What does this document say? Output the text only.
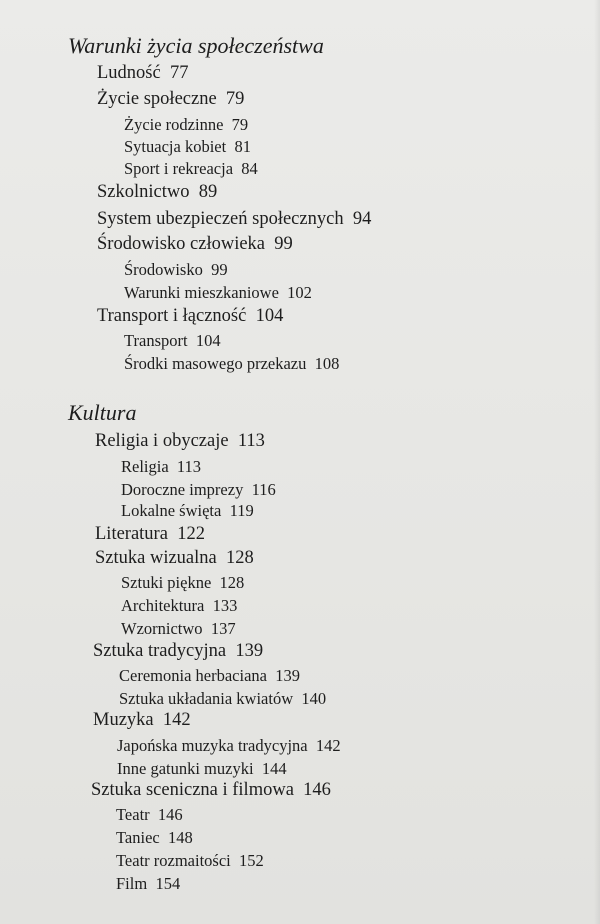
Warunki życia społeczeństwa
Ludność 77
Życie społeczne 79
Życie rodzinne 79
Sytuacja kobiet 81
Sport i rekreacja 84
Szkolnictwo 89
System ubezpieczeń społecznych 94
Środowisko człowieka 99
Środowisko 99
Warunki mieszkaniowe 102
Transport i łączność 104
Transport 104
Środki masowego przekazu 108
Kultura
Religia i obyczaje 113
Religia 113
Doroczne imprezy 116
Lokalne święta 119
Literatura 122
Sztuka wizualna 128
Sztuki piękne 128
Architektura 133
Wzornictwo 137
Sztuka tradycyjna 139
Ceremonia herbaciana 139
Sztuka układania kwiatów 140
Muzyka 142
Japońska muzyka tradycyjna 142
Inne gatunki muzyki 144
Sztuka sceniczna i filmowa 146
Teatr 146
Taniec 148
Teatr rozmaitości 152
Film 154
